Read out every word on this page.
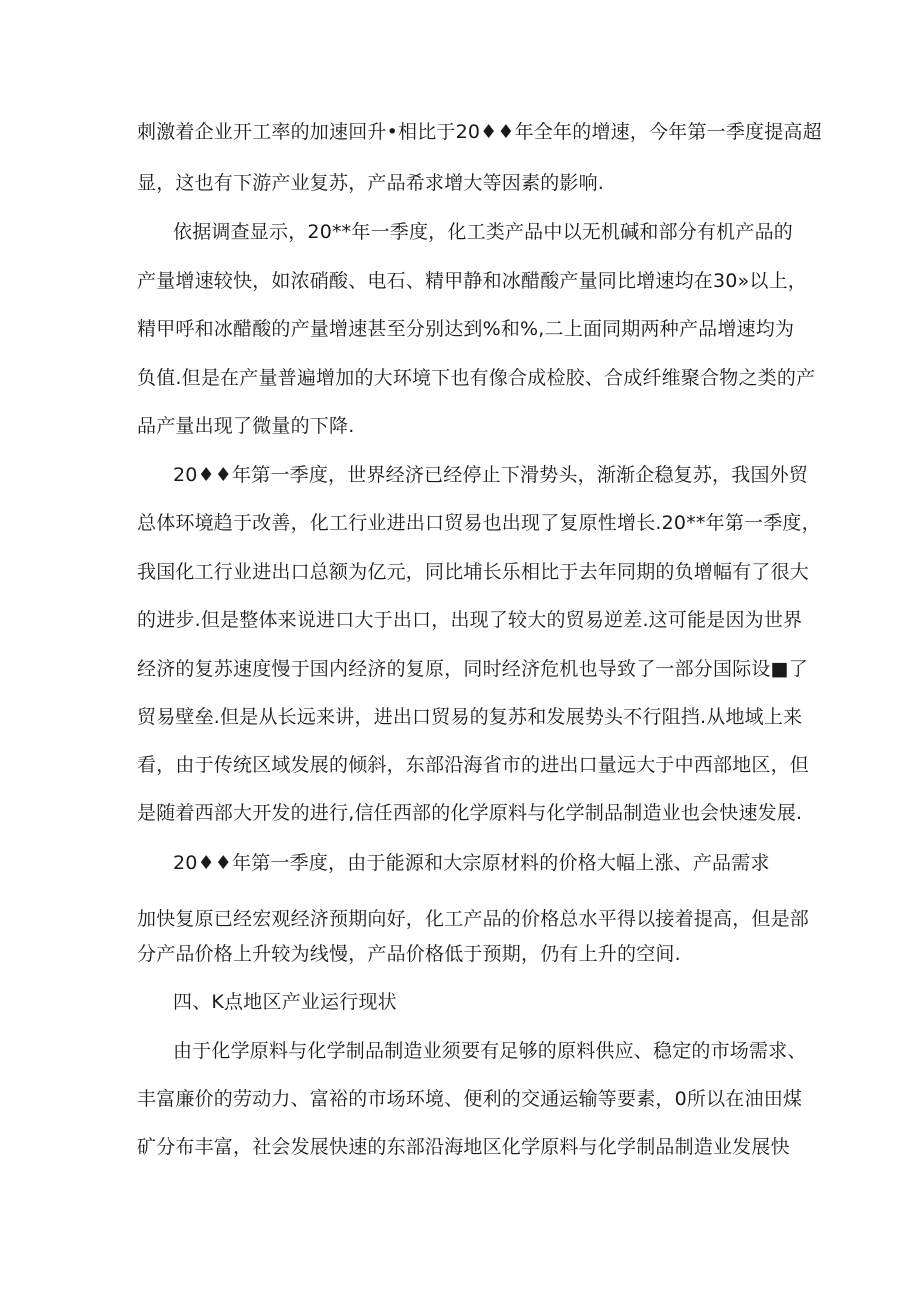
刺激着企业开工率的加速回升•相比于20♦♦年全年的增速，今年第一季度提高超

显，这也有下游产业复苏，产品希求增大等因素的影响.

依据调查显示，20**年一季度，化工类产品中以无机碱和部分有机产品的

产量增速较快，如浓硝酸、电石、精甲静和冰醋酸产量同比增速均在30»以上，

精甲呼和冰醋酸的产量增速甚至分别达到%和%,二上面同期两种产品增速均为

负值.但是在产量普遍增加的大环境下也有像合成检胶、合成纤维聚合物之类的产

品产量出现了微量的下降.

20♦♦年第一季度，世界经济已经停止下滑势头，渐渐企稳复苏，我国外贸

总体环境趋于改善，化工行业进出口贸易也出现了复原性增长.20**年第一季度，

我国化工行业进出口总额为亿元，同比埔长乐相比于去年同期的负增幅有了很大

的进步.但是整体来说进口大于出口，出现了较大的贸易逆差.这可能是因为世界

经济的复苏速度慢于国内经济的复原，同时经济危机也导致了一部分国际设■了

贸易壁垒.但是从长远来讲，进出口贸易的复苏和发展势头不行阻挡.从地域上来

看，由于传统区域发展的倾斜，东部沿海省市的进出口量远大于中西部地区，但

是随着西部大开发的进行,信任西部的化学原料与化学制品制造业也会快速发展.

20♦♦年第一季度，由于能源和大宗原材料的价格大幅上涨、产品需求

加快复原已经宏观经济预期向好，化工产品的价格总水平得以接着提高，但是部

分产品价格上升较为线慢，产品价格低于预期，仍有上升的空间.

四、K点地区产业运行现状

由于化学原料与化学制品制造业须要有足够的原料供应、稳定的市场需求、

丰富廉价的劳动力、富裕的市场环境、便利的交通运输等要素，0所以在油田煤

矿分布丰富，社会发展快速的东部沿海地区化学原料与化学制品制造业发展快
